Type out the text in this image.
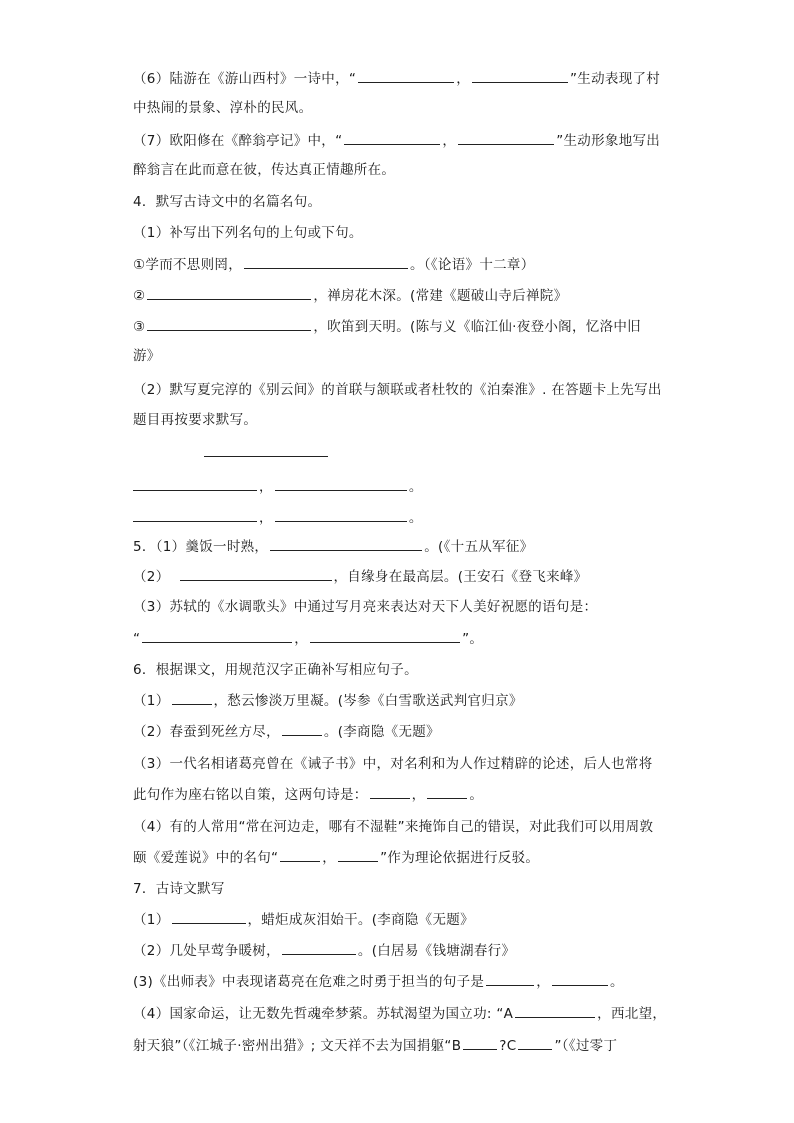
（6）陆游在《游山西村》一诗中，“	，	”生动表现了村
中热闹的景象、淳朴的民风。
（7）欧阳修在《醉翁亭记》中，“	，	”生动形象地写出
醉翁言在此而意在彼，传达真正情趣所在。
4．默写古诗文中的名篇名句。
（1）补写出下列名句的上句或下句。
①学而不思则罔，	。（《论语》十二章）
②	，禅房花木深。(常建《题破山寺后禅院》
③	，吹笛到天明。(陈与义《临江仙·夜登小阁，忆洛中旧
游》
（2）默写夏完淳的《别云间》的首联与颔联或者杜牧的《泊秦淮》. 在答题卡上先写出
题目再按要求默写。
，	。
，	。
5．（1）羹饭一时熟，	。(《十五从军征》
（2）	，自缘身在最高层。(王安石《登飞来峰》
（3）苏轼的《水调歌头》中通过写月亮来表达对天下人美好祝愿的语句是：
“	，	”。
6．根据课文，用规范汉字正确补写相应句子。
（1）	，愁云惨淡万里凝。(岑参《白雪歌送武判官归京》
（2）春蚕到死丝方尽，	。(李商隐《无题》
（3）一代名相诸葛亮曾在《诫子书》中，对名利和为人作过精辟的论述，后人也常将
此句作为座右铭以自策，这两句诗是：	，	。
（4）有的人常用“常在河边走，哪有不湿鞋”来掩饰自己的错误，对此我们可以用周敦
颐《爱莲说》中的名句“	，	”作为理论依据进行反驳。
7．古诗文默写
（1）	，蜡炬成灰泪始干。(李商隐《无题》
（2）几处早莺争暖树，	。(白居易《钱塘湖春行》
(3)《出师表》中表现诸葛亮在危难之时勇于担当的句子是	，	。
（4）国家命运，让无数先哲魂牵梦萦。苏轼渴望为国立功: “A	，西北望，
射天狼”（《江城子·密州出猎》; 文天祥不去为国捐躯“B	?C	”（《过零丁
